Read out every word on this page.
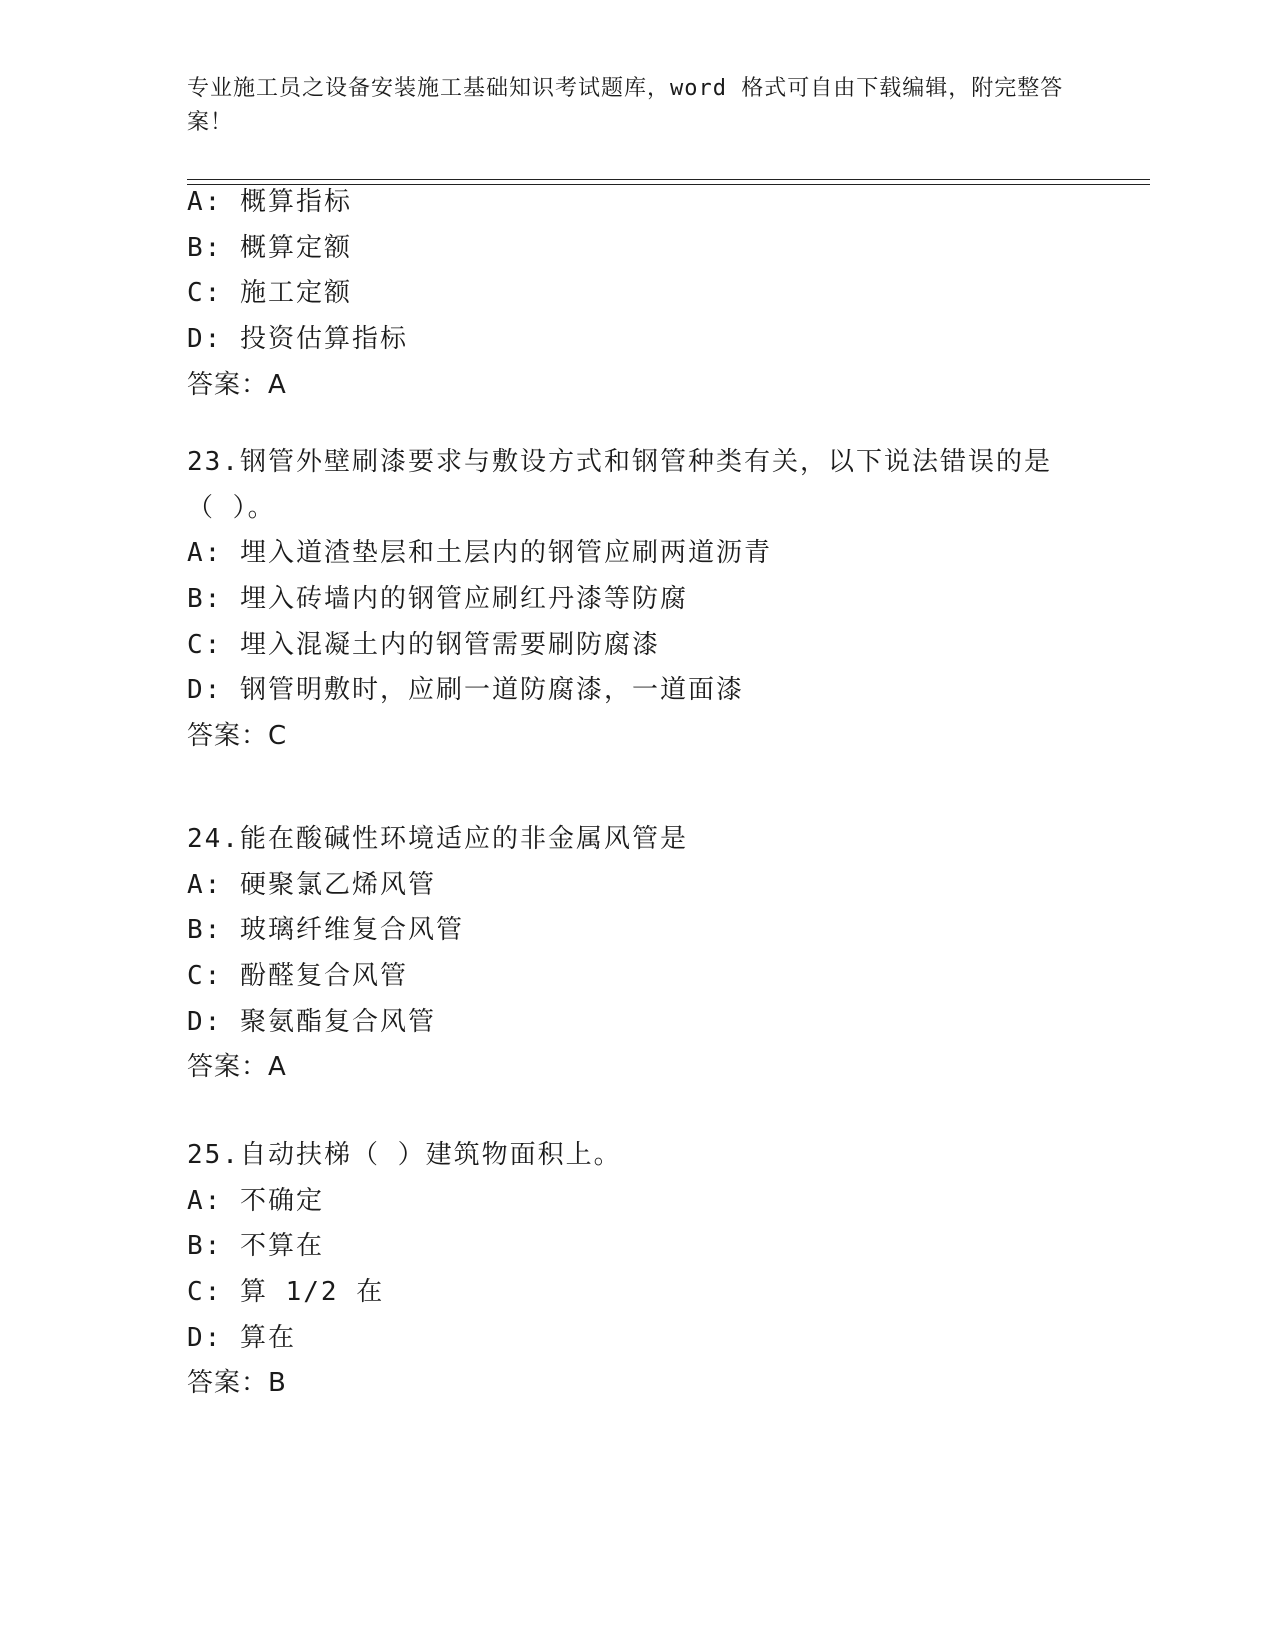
专业施工员之设备安装施工基础知识考试题库，word 格式可自由下载编辑，附完整答案！
A: 概算指标
B: 概算定额
C: 施工定额
D: 投资估算指标
答案：A
23.钢管外壁刷漆要求与敷设方式和钢管种类有关，以下说法错误的是（ ）。
A: 埋入道渣垫层和土层内的钢管应刷两道沥青
B: 埋入砖墙内的钢管应刷红丹漆等防腐
C: 埋入混凝土内的钢管需要刷防腐漆
D: 钢管明敷时，应刷一道防腐漆，一道面漆
答案：C
24.能在酸碱性环境适应的非金属风管是
A: 硬聚氯乙烯风管
B: 玻璃纤维复合风管
C: 酚醛复合风管
D: 聚氨酯复合风管
答案：A
25.自动扶梯（ ）建筑物面积上。
A: 不确定
B: 不算在
C: 算 1/2 在
D: 算在
答案：B
